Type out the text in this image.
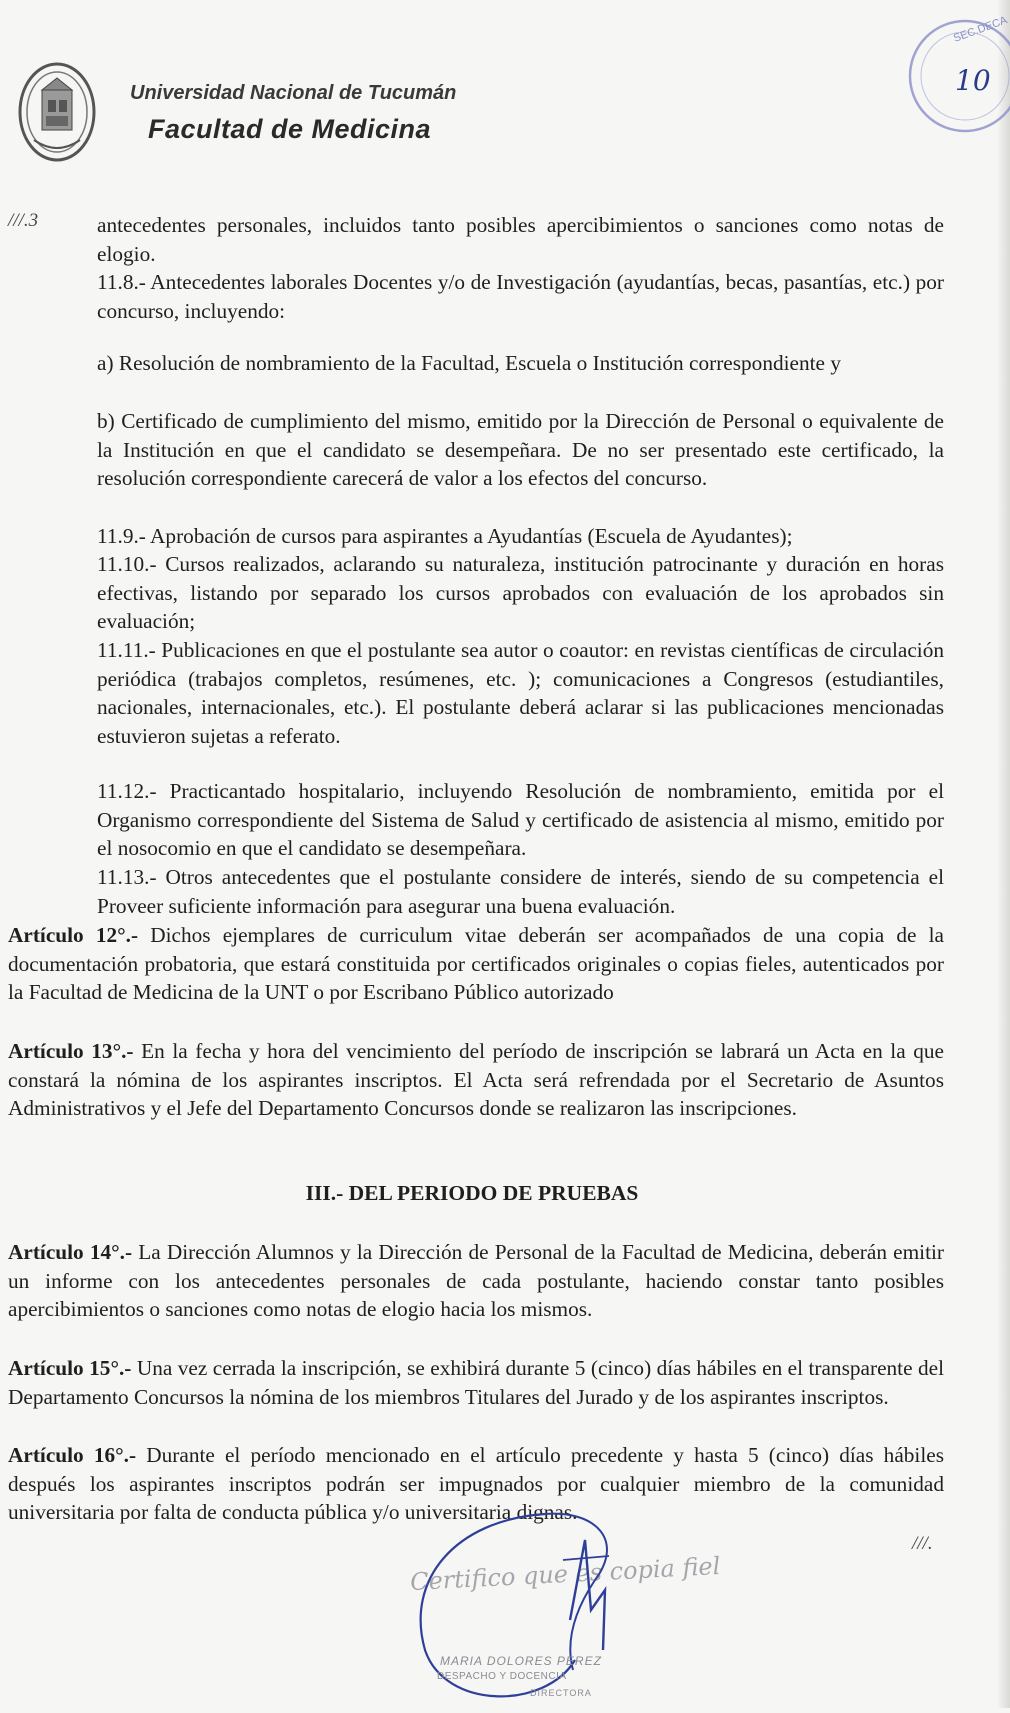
Universidad Nacional de Tucumán
Facultad de Medicina
SEC.DECA
10
///.3	antecedentes personales, incluidos tanto posibles apercibimientos o sanciones como notas de elogio.

11.8.- Antecedentes laborales Docentes y/o de Investigación (ayudantías, becas, pasantías, etc.) por concurso, incluyendo:

a) Resolución de nombramiento de la Facultad, Escuela o Institución correspondiente y

b) Certificado de cumplimiento del mismo, emitido por la Dirección de Personal o equivalente de la Institución en que el candidato se desempeñara. De no ser presentado este certificado, la resolución correspondiente carecerá de valor a los efectos del concurso.

11.9.- Aprobación de cursos para aspirantes a Ayudantías (Escuela de Ayudantes);

11.10.- Cursos realizados, aclarando su naturaleza, institución patrocinante y duración en horas efectivas, listando por separado los cursos aprobados con evaluación de los aprobados sin evaluación;

11.11.- Publicaciones en que el postulante sea autor o coautor: en revistas científicas de circulación periódica (trabajos completos, resúmenes, etc. ); comunicaciones a Congresos (estudiantiles, nacionales, internacionales, etc.). El postulante deberá aclarar si las publicaciones mencionadas estuvieron sujetas a referato.

11.12.- Practicantado hospitalario, incluyendo Resolución de nombramiento, emitida por el Organismo correspondiente del Sistema de Salud y certificado de asistencia al mismo, emitido por el nosocomio en que el candidato se desempeñara.

11.13.- Otros antecedentes que el postulante considere de interés, siendo de su competencia el Proveer suficiente información para asegurar una buena evaluación.

Artículo 12°.- Dichos ejemplares de curriculum vitae deberán ser acompañados de una copia de la documentación probatoria, que estará constituida por certificados originales o copias fieles, autenticados por la Facultad de Medicina de la UNT o por Escribano Público autorizado

Artículo 13°.- En la fecha y hora del vencimiento del período de inscripción se labrará un Acta en la que constará la nómina de los aspirantes inscriptos. El Acta será refrendada por el Secretario de Asuntos Administrativos y el Jefe del Departamento Concursos donde se realizaron las inscripciones.

III.- DEL PERIODO DE PRUEBAS

Artículo 14°.- La Dirección Alumnos y la Dirección de Personal de la Facultad de Medicina, deberán emitir un informe con los antecedentes personales de cada postulante, haciendo constar tanto posibles apercibimientos o sanciones como notas de elogio hacia los mismos.

Artículo 15°.- Una vez cerrada la inscripción, se exhibirá durante 5 (cinco) días hábiles en el transparente del Departamento Concursos la nómina de los miembros Titulares del Jurado y de los aspirantes inscriptos.

Artículo 16°.- Durante el período mencionado en el artículo precedente y hasta 5 (cinco) días hábiles después los aspirantes inscriptos podrán ser impugnados por cualquier miembro de la comunidad universitaria por falta de conducta pública y/o universitaria dignas.

///.
Certifico que es copia fiel
MARIA DOLORES PEREZ
DESPACHO Y DOCENCIA
DIRECTORA
